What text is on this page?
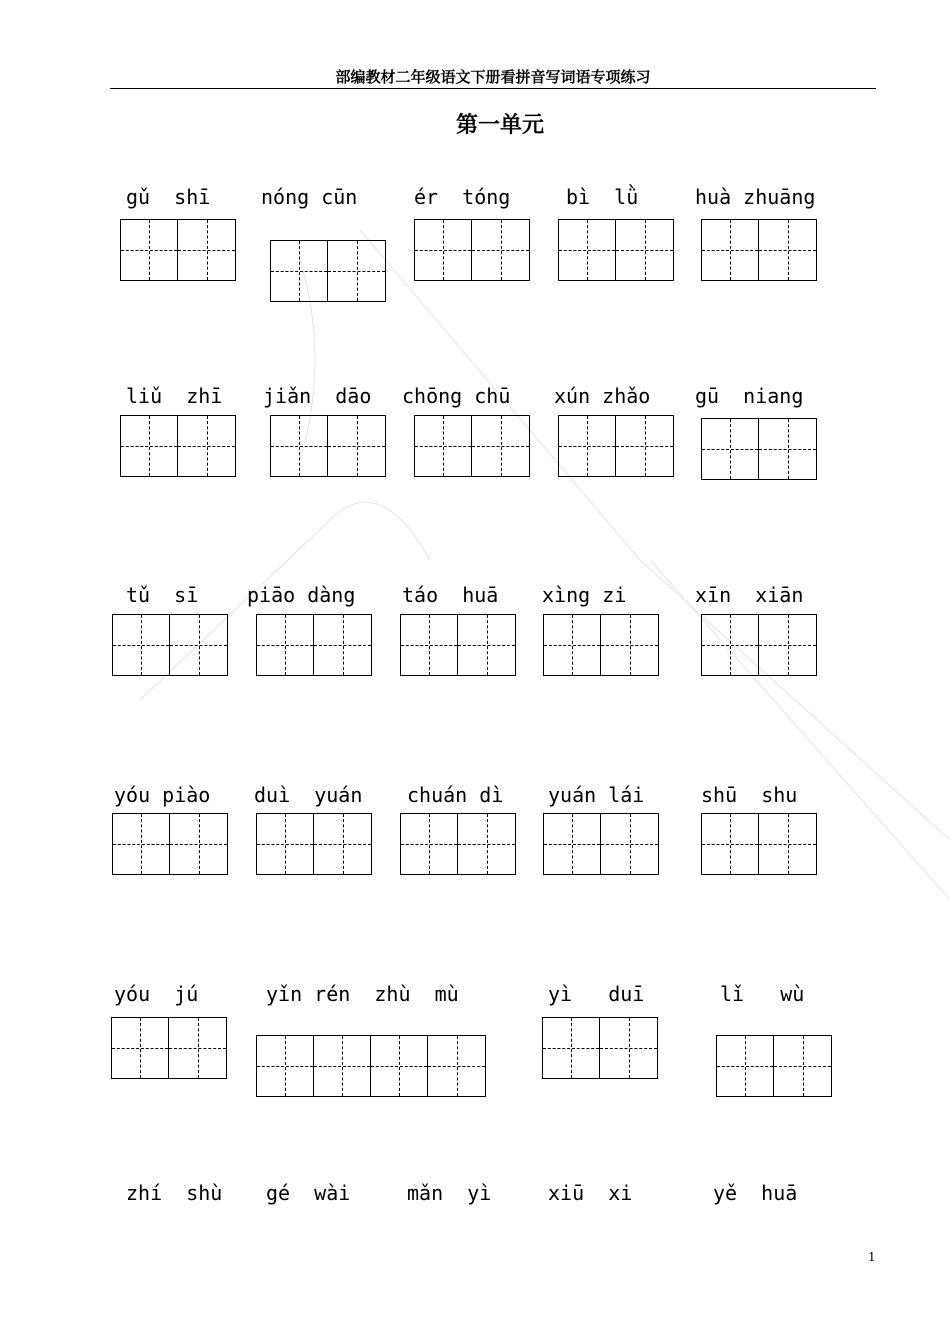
部编教材二年级语文下册看拼音写词语专项练习
第一单元
gǔ  shī	nóng cūn	ér  tóng	bì  lǜ	huà zhuāng
liǔ  zhī jiǎn  dāo chōng chū xún zhǎo gū  niang
tǔ  sī piāo dàng táo  huā xìng zi	xīn  xiān
yóu piào duì  yuán chuán dì yuán lái	shū  shu
yóu  jú	yǐn rén  zhù  mù	yì   duī	lǐ   wù
zhí  shù gé  wài	mǎn  yì	xiū  xi	yě  huā
1
